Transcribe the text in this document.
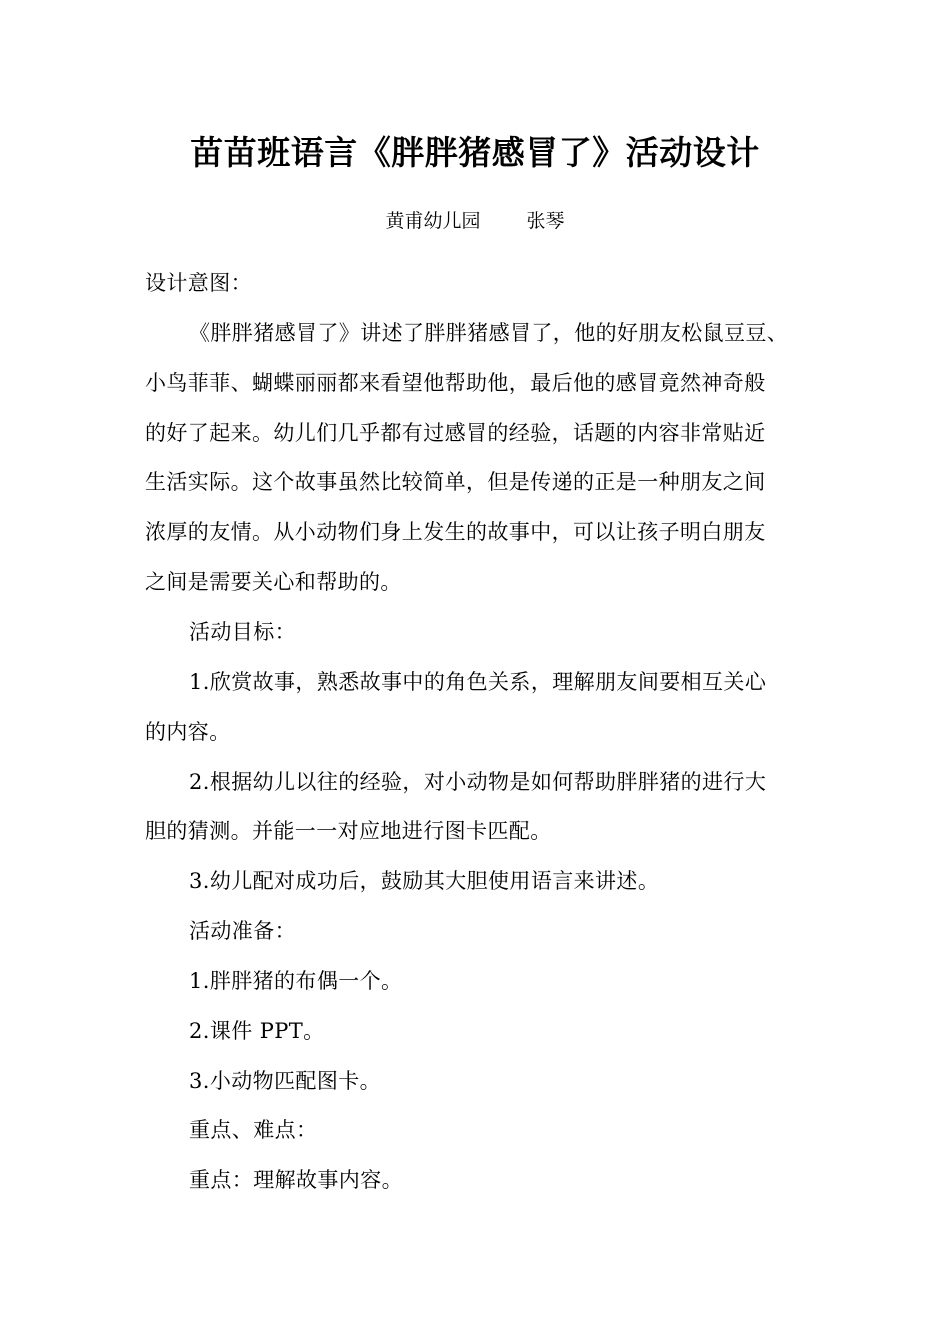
苗苗班语言《胖胖猪感冒了》活动设计
黄甫幼儿园 张琴
设计意图：
《胖胖猪感冒了》讲述了胖胖猪感冒了，他的好朋友松鼠豆豆、
小鸟菲菲、蝴蝶丽丽都来看望他帮助他，最后他的感冒竟然神奇般
的好了起来。幼儿们几乎都有过感冒的经验，话题的内容非常贴近
生活实际。这个故事虽然比较简单，但是传递的正是一种朋友之间
浓厚的友情。从小动物们身上发生的故事中，可以让孩子明白朋友
之间是需要关心和帮助的。
活动目标：
1.欣赏故事，熟悉故事中的角色关系，理解朋友间要相互关心
的内容。
2.根据幼儿以往的经验，对小动物是如何帮助胖胖猪的进行大
胆的猜测。并能一一对应地进行图卡匹配。
3.幼儿配对成功后，鼓励其大胆使用语言来讲述。
活动准备：
1.胖胖猪的布偶一个。
2.课件 PPT。
3.小动物匹配图卡。
重点、难点：
重点：理解故事内容。
